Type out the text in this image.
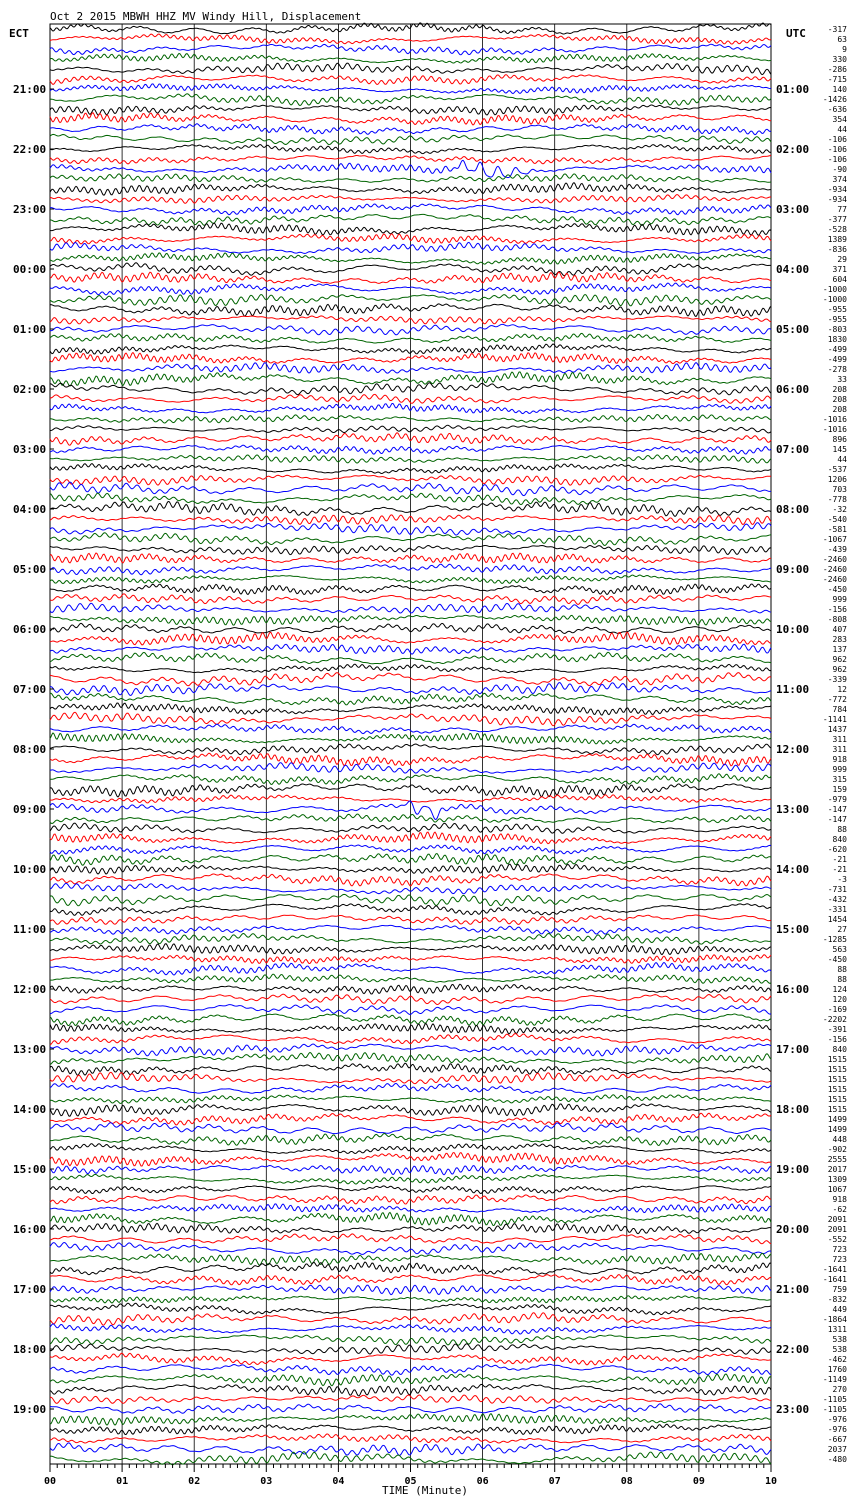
Oct 2 2015 MBWH HHZ MV Windy Hill, Displacement
ECT	UTC
21:00
22:00
23:00
00:00
01:00
02:00
03:00
04:00
05:00
06:00
07:00
08:00
09:00
10:00
11:00
12:00
13:00
14:00
15:00
16:00
17:00
18:00
19:00
01:00
02:00
03:00
04:00
05:00
06:00
07:00
08:00
09:00
10:00
11:00
12:00
13:00
14:00
15:00
16:00
17:00
18:00
19:00
20:00
21:00
22:00
23:00
-317
63
9
330
-286
-715
140
-1426
-636
354
44
-106
-106
-106
-90
374
-934
-934
77
-377
-528
1389
-836
29
371
604
-1000
-1000
-955
-955
-803
1830
-499
-499
-278
33
208
208
208
-1016
-1016
896
145
44
-537
1206
703
-778
-32
-540
-581
-1067
-439
-2460
-2460
-2460
-450
999
-156
-808
407
283
137
962
962
-339
12
-772
784
-1141
1437
311
311
918
999
315
159
-979
-147
-147
88
840
-620
-21
-21
-3
-731
-432
-331
1454
27
-1285
563
-450
88
88
124
120
-169
-2202
-391
-156
840
1515
1515
1515
1515
1515
1515
1499
1499
448
-902
2555
2017
1309
1067
918
-62
2091
2091
-552
723
723
-1641
-1641
759
-832
449
-1864
1311
538
538
-462
1760
-1149
270
-1105
-1105
-976
-976
-667
2037
-480
00	01	02	03	04	05	06	07	08	09	10
TIME (Minute)
